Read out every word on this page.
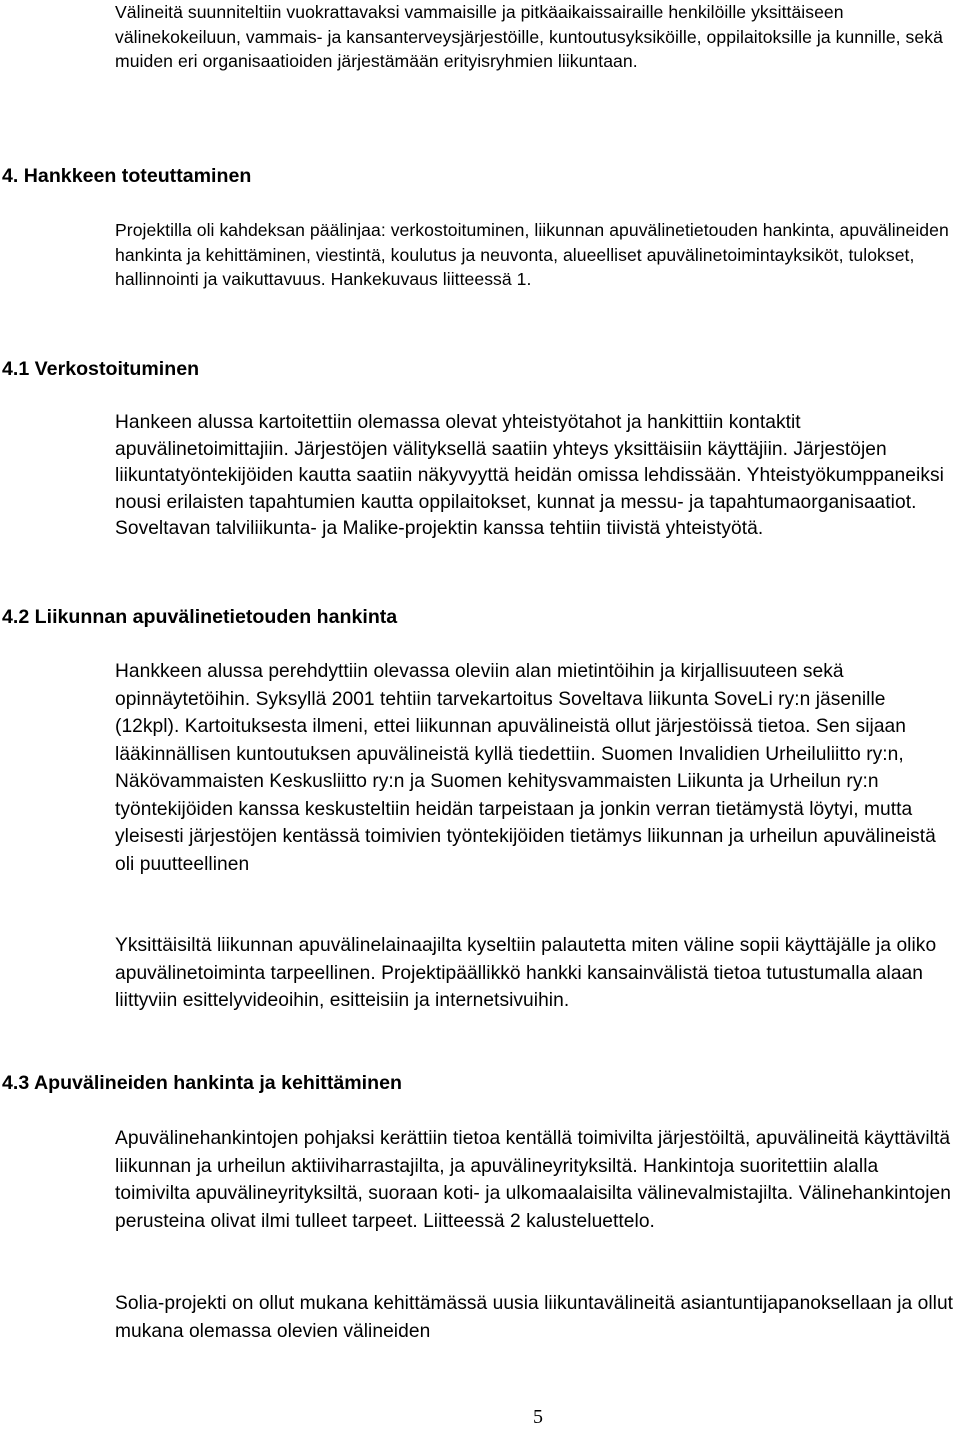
Välineitä suunniteltiin vuokrattavaksi vammaisille ja pitkäaikaissairaille henkilöille yksittäiseen välinekokeiluun, vammais- ja kansanterveysjärjestöille, kuntoutusyksiköille, oppilaitoksille ja kunnille, sekä muiden eri organisaatioiden järjestämään erityisryhmien liikuntaan.

4. Hankkeen toteuttaminen

Projektilla oli kahdeksan päälinjaa: verkostoituminen, liikunnan apuvälinetietouden hankinta, apuvälineiden hankinta ja kehittäminen, viestintä, koulutus ja neuvonta, alueelliset apuvälinetoimintayksiköt, tulokset, hallinnointi ja vaikuttavuus. Hankekuvaus liitteessä 1.

4.1 Verkostoituminen

Hankeen alussa kartoitettiin olemassa olevat yhteistyötahot ja hankittiin kontaktit apuvälinetoimittajiin. Järjestöjen välityksellä saatiin yhteys yksittäisiin käyttäjiin. Järjestöjen liikuntatyöntekijöiden kautta saatiin näkyvyyttä heidän omissa lehdissään. Yhteistyökumppaneiksi nousi erilaisten tapahtumien kautta oppilaitokset, kunnat ja messu- ja tapahtumaorganisaatiot. Soveltavan talviliikunta- ja Malike-projektin kanssa tehtiin tiivistä yhteistyötä.

4.2 Liikunnan apuvälinetietouden hankinta

Hankkeen alussa perehdyttiin olevassa oleviin alan mietintöihin ja kirjallisuuteen sekä opinnäytetöihin. Syksyllä 2001 tehtiin tarvekartoitus Soveltava liikunta SoveLi ry:n jäsenille (12kpl). Kartoituksesta ilmeni, ettei liikunnan apuvälineistä ollut järjestöissä tietoa. Sen sijaan lääkinnällisen kuntoutuksen apuvälineistä kyllä tiedettiin. Suomen Invalidien Urheiluliitto ry:n, Näkövammaisten Keskusliitto ry:n ja Suomen kehitysvammaisten Liikunta ja Urheilun ry:n työntekijöiden kanssa keskusteltiin heidän tarpeistaan ja jonkin verran tietämystä löytyi, mutta yleisesti järjestöjen kentässä toimivien työntekijöiden tietämys liikunnan ja urheilun apuvälineistä oli puutteellinen

Yksittäisiltä liikunnan apuvälinelainaajilta kyseltiin palautetta miten väline sopii käyttäjälle ja oliko apuvälinetoiminta tarpeellinen. Projektipäällikkö hankki kansainvälistä tietoa tutustumalla alaan liittyviin esittelyvideoihin, esitteisiin ja internetsivuihin.

4.3 Apuvälineiden hankinta ja kehittäminen

Apuvälinehankintojen pohjaksi kerättiin tietoa kentällä toimivilta järjestöiltä, apuvälineitä käyttäviltä liikunnan ja urheilun aktiiviharrastajilta, ja apuvälineyrityksiltä. Hankintoja suoritettiin alalla toimivilta apuvälineyrityksiltä, suoraan koti- ja ulkomaalaisilta välinevalmistajilta. Välinehankintojen perusteina olivat ilmi tulleet tarpeet. Liitteessä 2 kalusteluettelo.

Solia-projekti on ollut mukana kehittämässä uusia liikuntavälineitä asiantuntijapanoksellaan ja ollut mukana olemassa olevien välineiden

5
